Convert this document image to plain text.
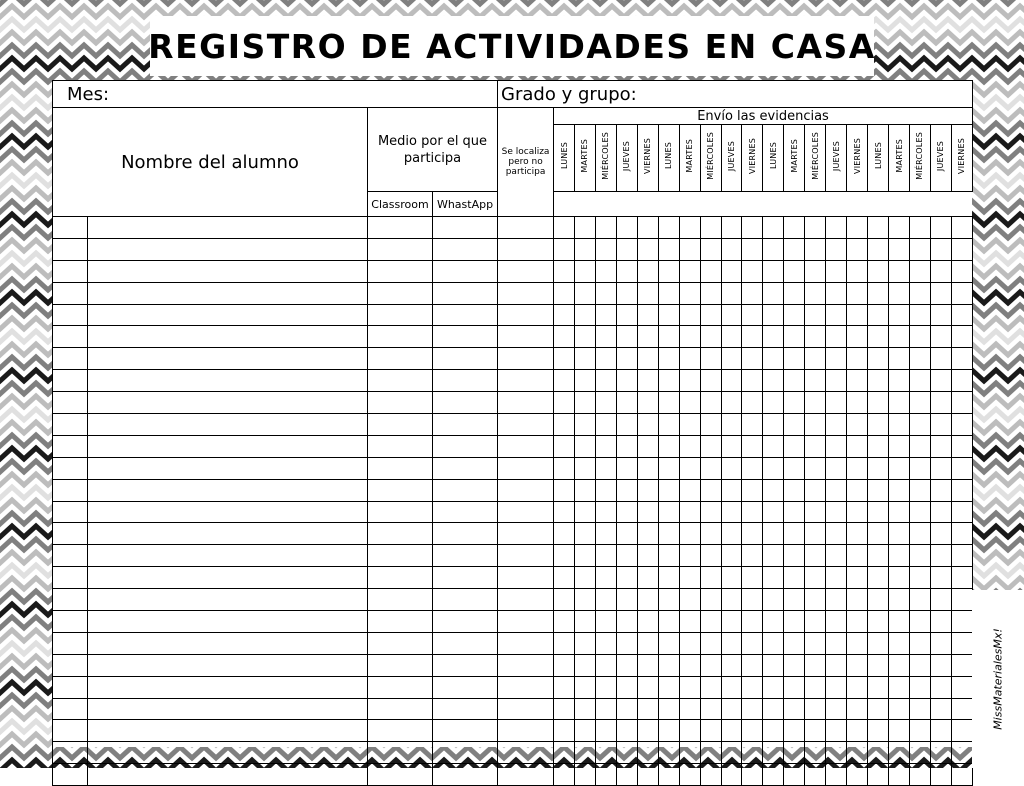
REGISTRO DE ACTIVIDADES EN CASA
Mes:				Grado y grupo:																				
Nombre del alumno		Medio por el que participa		Se localiza pero no participa	Envío las evidencias																			
					LUNES	MARTES	MIÉRCOLES	JUEVES	VIERNES	LUNES	MARTES	MIÉRCOLES	JUEVES	VIERNES	LUNES	MARTES	MIÉRCOLES	JUEVES	VIERNES	LUNES	MARTES	MIÉRCOLES	JUEVES	VIERNES
		Classroom	WhastApp																					

MissMaterialesMx!
